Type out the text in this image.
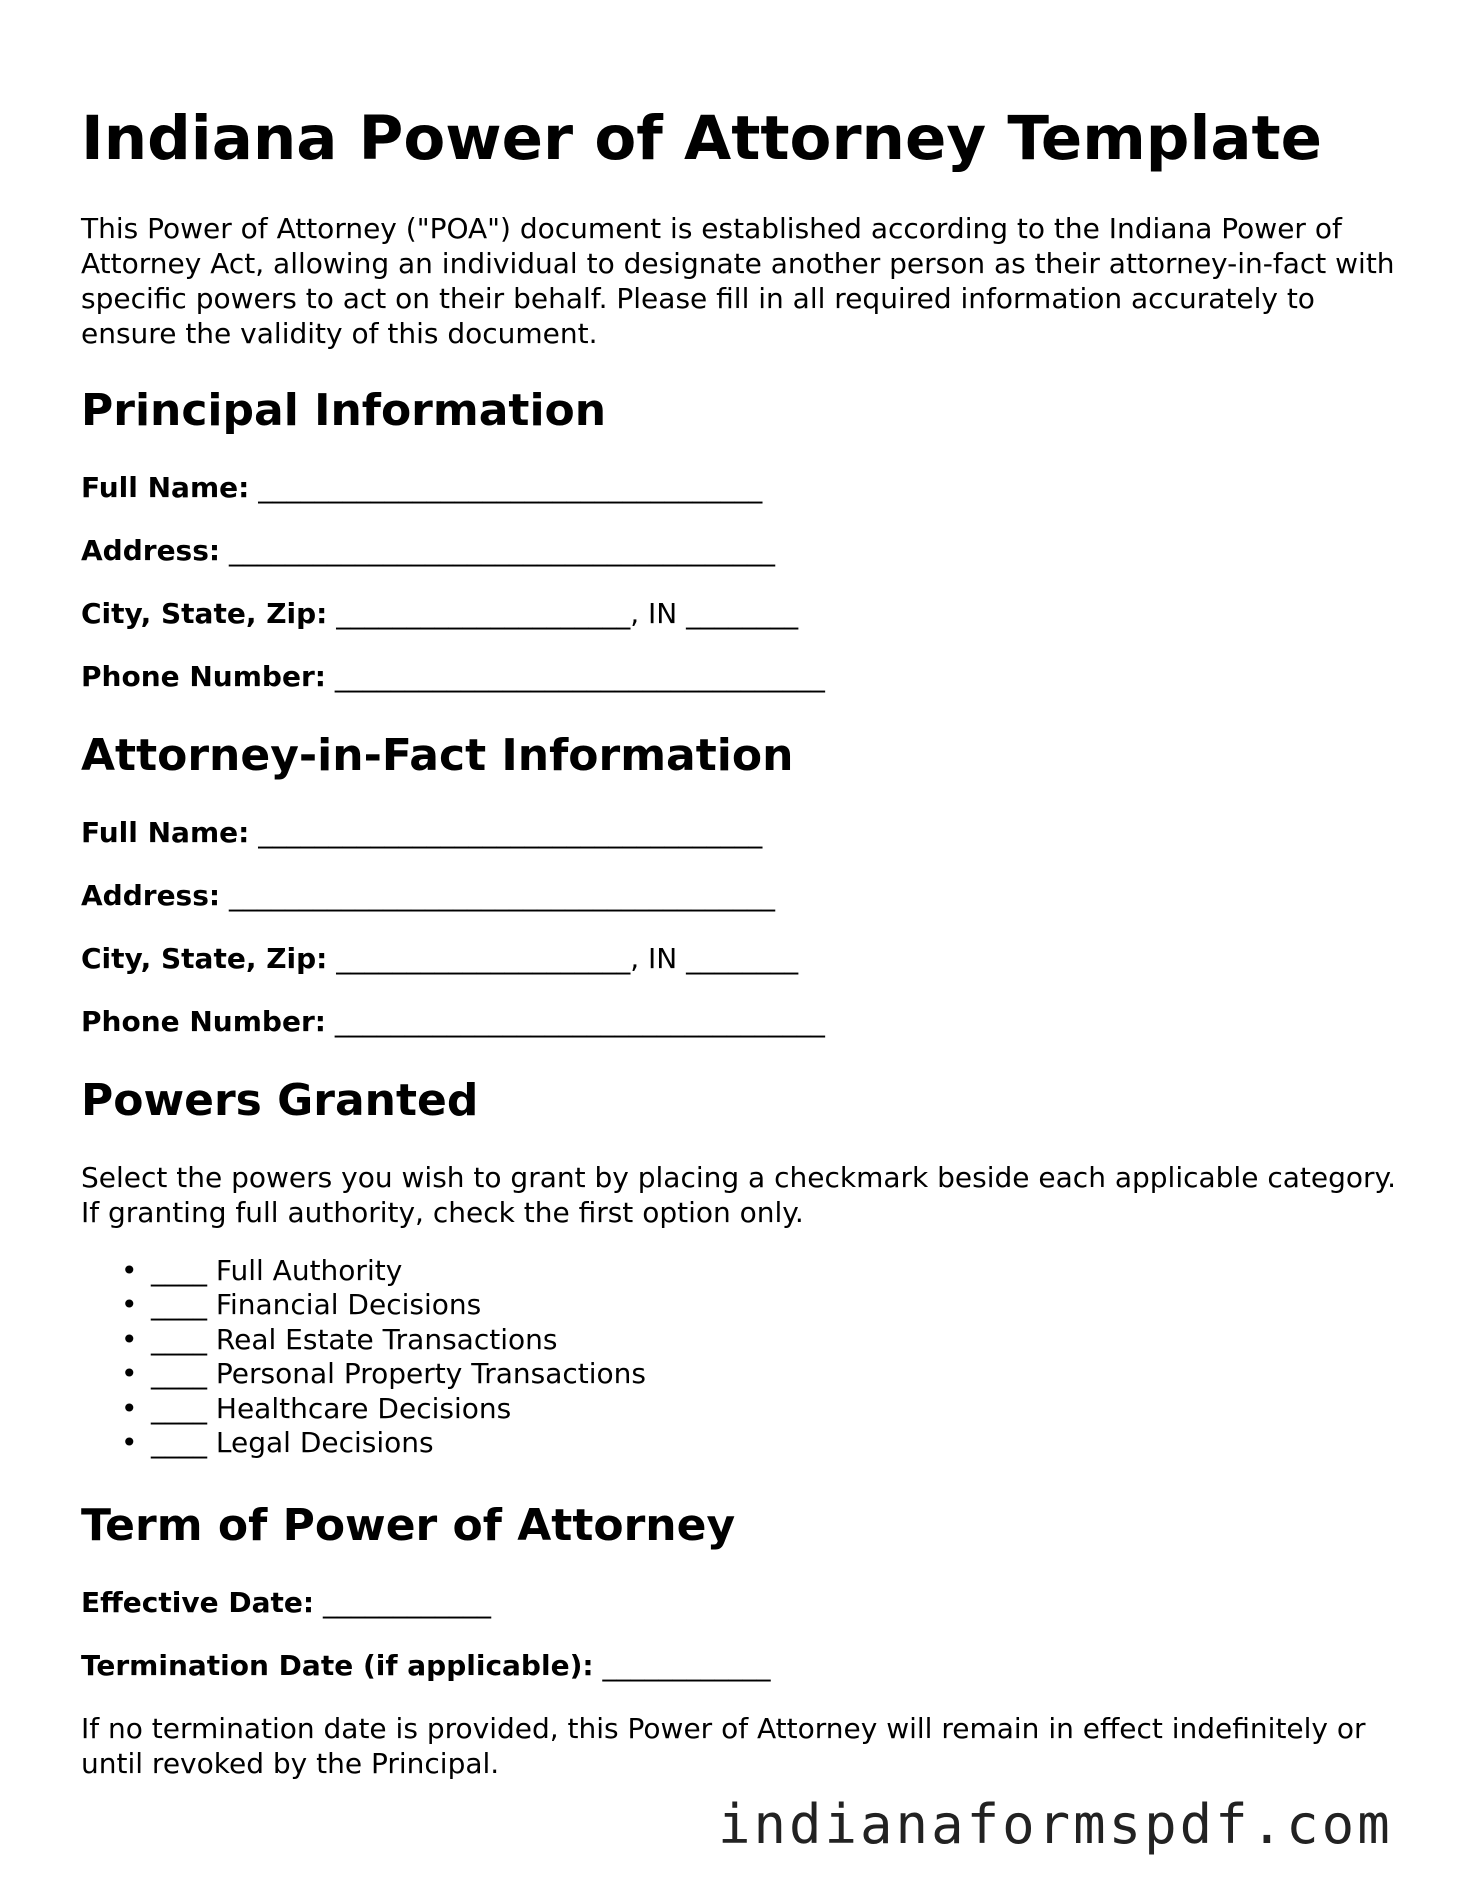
Indiana Power of Attorney Template

This Power of Attorney ("POA") document is established according to the Indiana Power of Attorney Act, allowing an individual to designate another person as their attorney-in-fact with specific powers to act on their behalf. Please fill in all required information accurately to ensure the validity of this document.

Principal Information
Full Name: ____________________________________
Address: _______________________________________
City, State, Zip: _____________________, IN ________
Phone Number: ___________________________________
Attorney-in-Fact Information
Full Name: ____________________________________
Address: _______________________________________
City, State, Zip: _____________________, IN ________
Phone Number: ___________________________________
Powers Granted

Select the powers you wish to grant by placing a checkmark beside each applicable category. If granting full authority, check the first option only.

• ____ Full Authority
• ____ Financial Decisions
• ____ Real Estate Transactions
• ____ Personal Property Transactions
• ____ Healthcare Decisions
• ____ Legal Decisions
Term of Power of Attorney
Effective Date: ____________
Termination Date (if applicable): ____________

If no termination date is provided, this Power of Attorney will remain in effect indefinitely or until revoked by the Principal.

indianaformspdf.com
